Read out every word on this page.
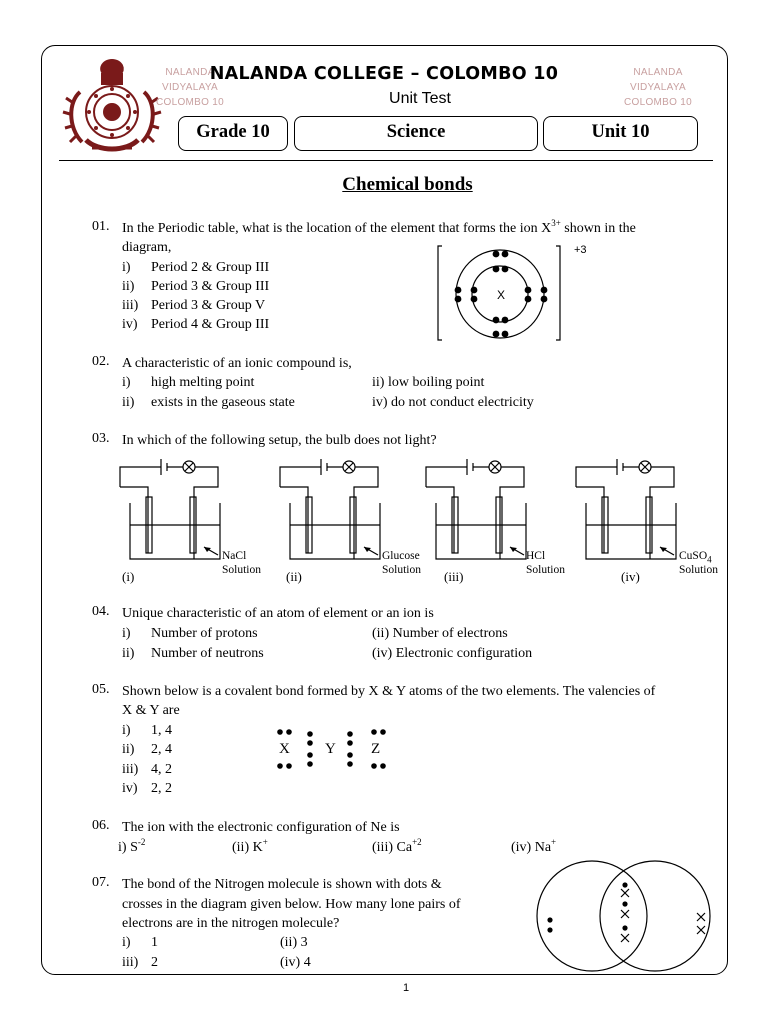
NALANDA
VIDYALAYA
COLOMBO 10
NALANDA
VIDYALAYA
COLOMBO 10
NALANDA COLLEGE – COLOMBO 10
Unit Test
Grade 10	Science	Unit 10
Chemical bonds
01. In the Periodic table, what is the location of the element that forms the ion $X^{3+}$ shown in the
diagram,
i) Period 2 & Group III
ii) Period 3 & Group III
iii) Period 3 & Group V
iv) Period 4 & Group III
X
+3
02. A characteristic of an ionic compound is,
i) high melting point	ii) low boiling point
ii) exists in the gaseous state	iv) do not conduct electricity
03. In which of the following setup, the bulb does not light?
NaCl
Solution
Glucose
Solution
HCl
Solution
CuSO$_4$
Solution
(i)	(ii)	(iii)	(iv)
04. Unique characteristic of an atom of element or an ion is
i) Number of protons	(ii) Number of electrons
ii) Number of neutrons	(iv) Electronic configuration
05. Shown below is a covalent bond formed by X & Y atoms of the two elements. The valencies of
X & Y are
i) 1, 4
ii) 2, 4
iii) 4, 2
iv) 2, 2
X Y Z
06. The ion with the electronic configuration of Ne is
i) $S^{-2}$	(ii) K+	(iii) $Ca^{+2}$	(iv) Na+
07. The bond of the Nitrogen molecule is shown with dots &
crosses in the diagram given below. How many lone pairs of
electrons are in the nitrogen molecule?
i) 1	(ii) 3
iii) 2	(iv) 4
1
